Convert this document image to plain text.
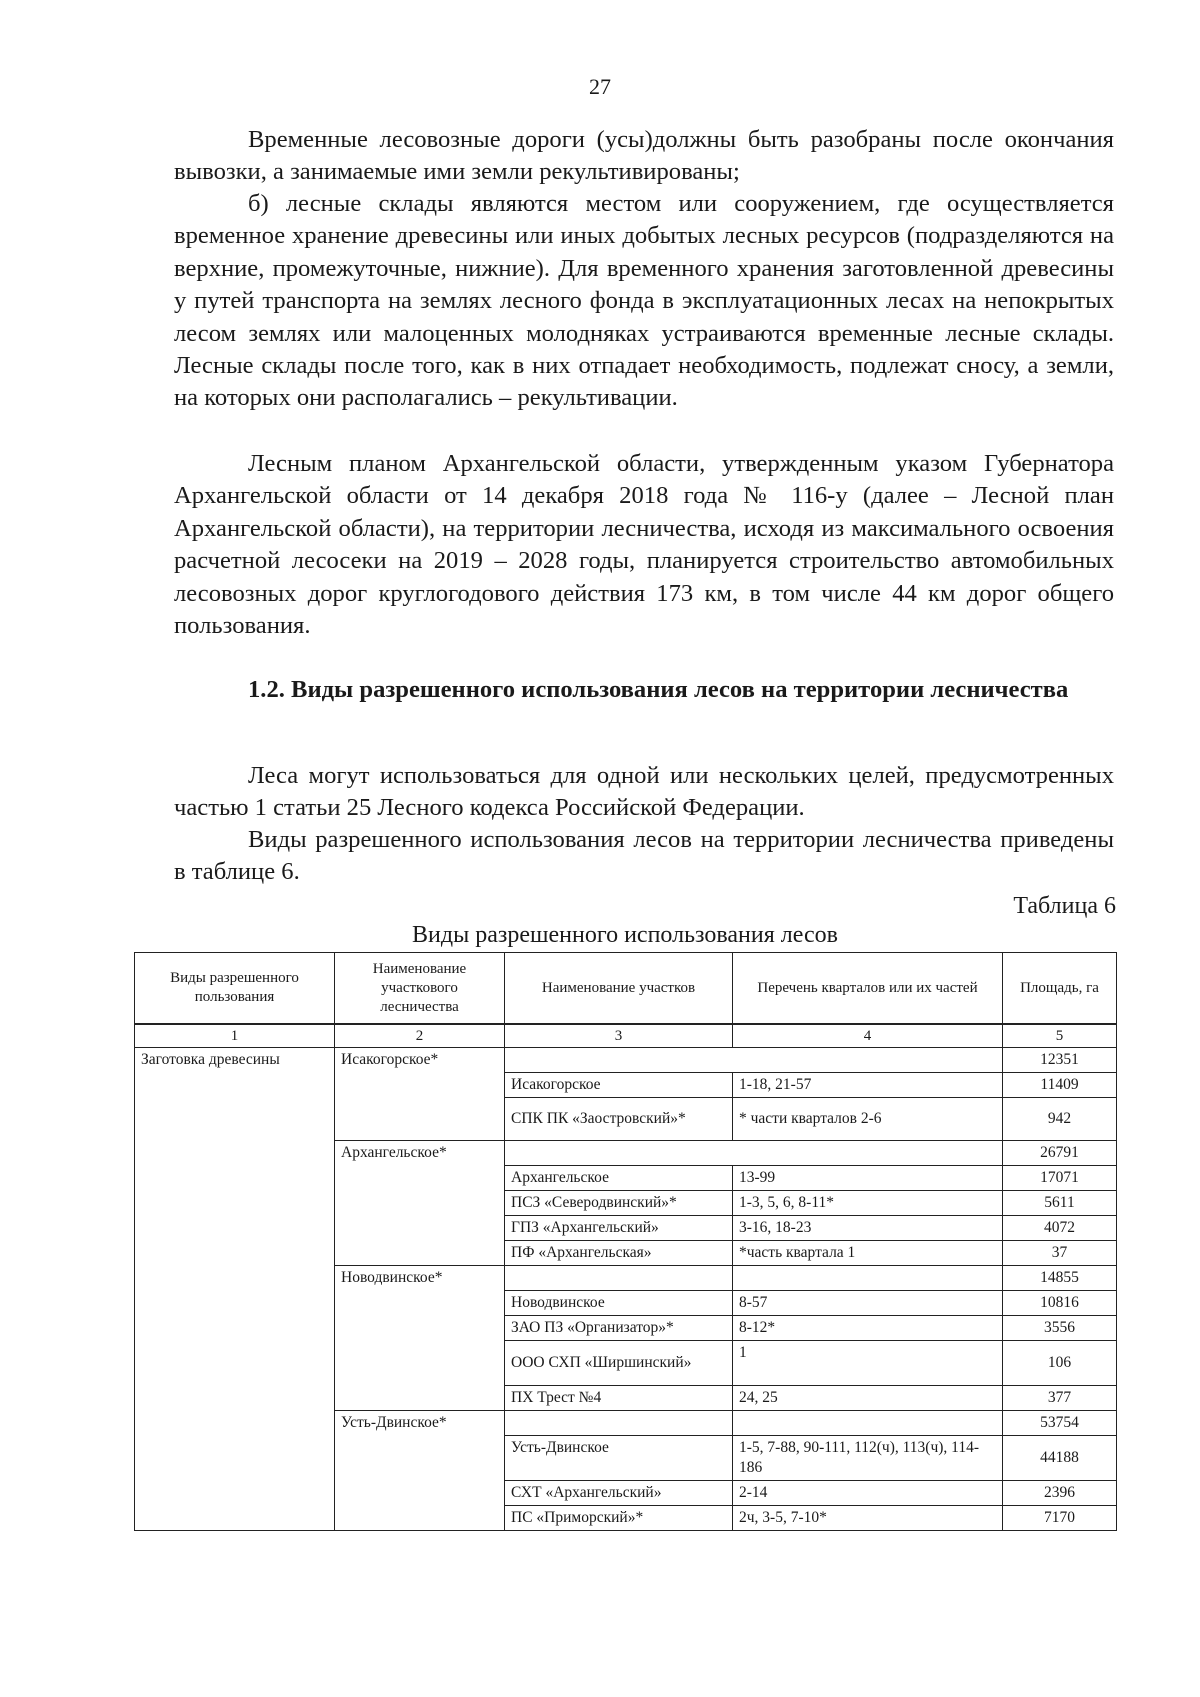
27

Временные лесовозные дороги (усы)должны быть разобраны после окончания вывозки, а занимаемые ими земли рекультивированы;

б) лесные склады являются местом или сооружением, где осуществляется временное хранение древесины или иных добытых лесных ресурсов (подразделяются на верхние, промежуточные, нижние). Для временного хранения заготовленной древесины у путей транспорта на землях лесного фонда в эксплуатационных лесах на непокрытых лесом землях или малоценных молодняках устраиваются временные лесные склады. Лесные склады после того, как в них отпадает необходимость, подлежат сносу, а земли, на которых они располагались – рекультивации.

Лесным планом Архангельской области, утвержденным указом Губернатора Архангельской области от 14 декабря 2018 года № 116-у (далее – Лесной план Архангельской области), на территории лесничества, исходя из максимального освоения расчетной лесосеки на 2019 – 2028 годы, планируется строительство автомобильных лесовозных дорог круглогодового действия 173 км, в том числе 44 км дорог общего пользования.

1.2. Виды разрешенного использования лесов на территории лесничества

Леса могут использоваться для одной или нескольких целей, предусмотренных частью 1 статьи 25 Лесного кодекса Российской Федерации.

Виды разрешенного использования лесов на территории лесничества приведены в таблице 6.

Таблица 6
Виды разрешенного использования лесов
Виды разрешенного пользования	Наименование участкового лесничества	Наименование участков	Перечень кварталов или их частей	Площадь, га
1	2	3	4	5
Заготовка древесины	Исакогорское*			12351
		Исакогорское	1-18, 21-57	11409
		СПК ПК «Заостровский»*	* части кварталов 2-6	942
	Архангельское*			26791
		Архангельское	13-99	17071
		ПСЗ «Северодвинский»*	1-3, 5, 6, 8-11*	5611
		ГПЗ «Архангельский»	3-16, 18-23	4072
		ПФ «Архангельская»	*часть квартала 1	37
	Новодвинское*			14855
		Новодвинское	8-57	10816
		ЗАО ПЗ «Организатор»*	8-12*	3556
		ООО СХП «Ширшинский»	1	106
		ПХ Трест №4	24, 25	377
	Усть-Двинское*			53754
		Усть-Двинское	1-5, 7-88, 90-111, 112(ч), 113(ч), 114-186	44188
		СХТ «Архангельский»	2-14	2396
		ПС «Приморский»*	2ч, 3-5, 7-10*	7170
